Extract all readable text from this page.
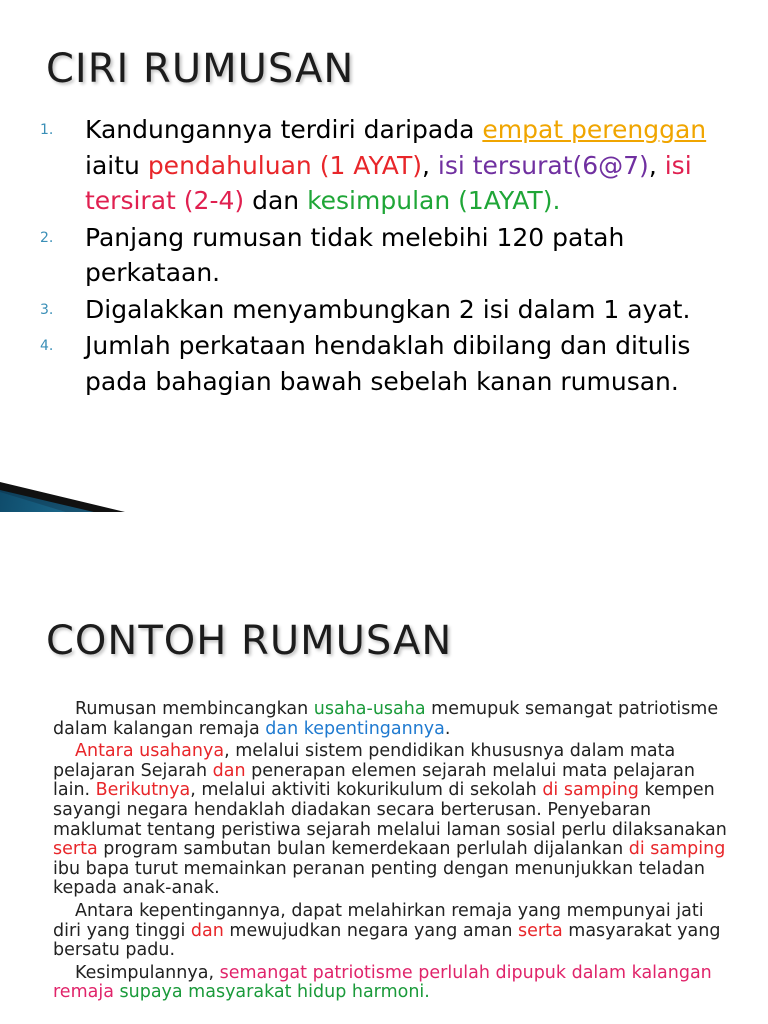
CIRI RUMUSAN
1.	Kandungannya terdiri daripada empat perenggan iaitu pendahuluan (1 AYAT), isi tersurat(6@7), isi tersirat (2-4) dan kesimpulan (1AYAT).
2.	Panjang rumusan tidak melebihi 120 patah perkataan.
3.	Digalakkan menyambungkan 2 isi dalam 1 ayat.
4.	Jumlah perkataan hendaklah dibilang dan ditulis pada bahagian bawah sebelah kanan rumusan.
CONTOH RUMUSAN

Rumusan membincangkan usaha-usaha memupuk semangat patriotisme dalam kalangan remaja dan kepentingannya.

Antara usahanya, melalui sistem pendidikan khususnya dalam mata pelajaran Sejarah dan penerapan elemen sejarah melalui mata pelajaran lain. Berikutnya, melalui aktiviti kokurikulum di sekolah di samping kempen sayangi negara hendaklah diadakan secara berterusan. Penyebaran maklumat tentang peristiwa sejarah melalui laman sosial perlu dilaksanakan serta program sambutan bulan kemerdekaan perlulah dijalankan di samping ibu bapa turut memainkan peranan penting dengan menunjukkan teladan kepada anak-anak.

Antara kepentingannya, dapat melahirkan remaja yang mempunyai jati diri yang tinggi dan mewujudkan negara yang aman serta masyarakat yang bersatu padu.

Kesimpulannya, semangat patriotisme perlulah dipupuk dalam kalangan remaja supaya masyarakat hidup harmoni.
